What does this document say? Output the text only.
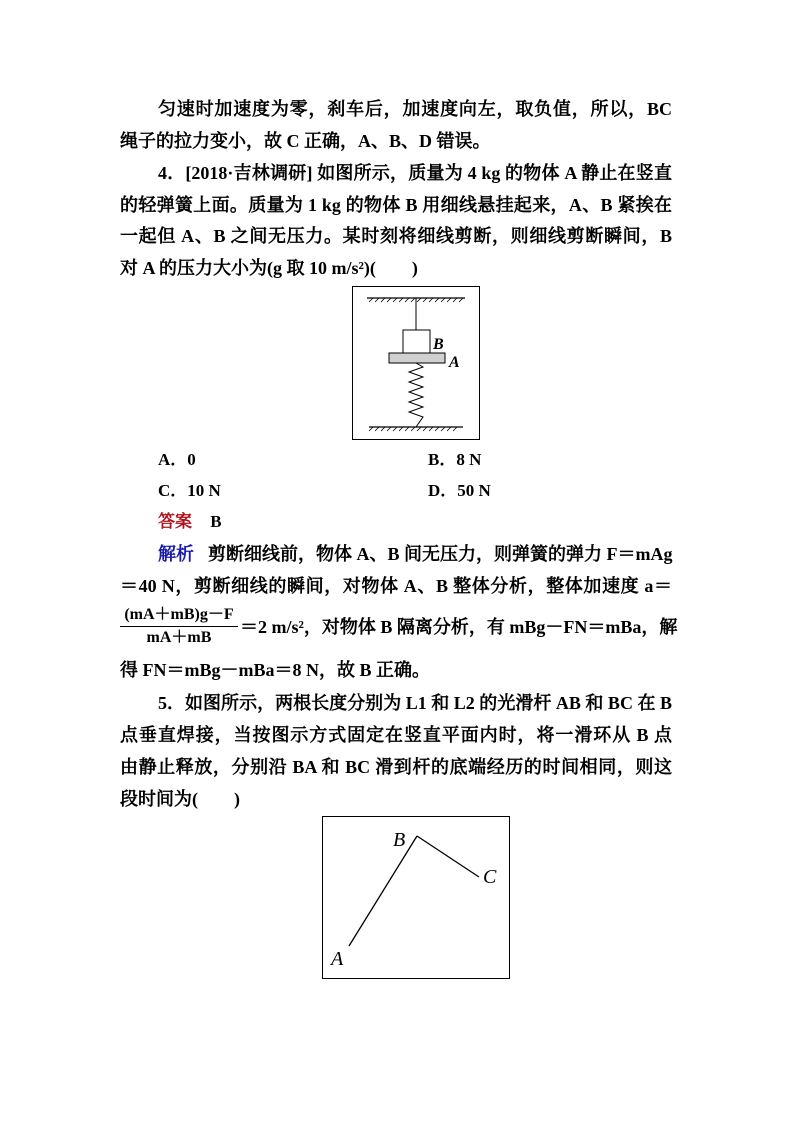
匀速时加速度为零，刹车后，加速度向左，取负值，所以，BC
绳子的拉力变小，故 C 正确，A、B、D 错误。
4．[2018·吉林调研] 如图所示，质量为 4 kg 的物体 A 静止在竖直
的轻弹簧上面。质量为 1 kg 的物体 B 用细线悬挂起来，A、B 紧挨在
一起但 A、B 之间无压力。某时刻将细线剪断，则细线剪断瞬间，B
对 A 的压力大小为(g 取 10 m/s²)(　　)
B
A
A．0	B．8 N
C．10 N	D．50 N
答案 B
解析 剪断细线前，物体 A、B 间无压力，则弹簧的弹力 F＝mAg
＝40 N，剪断细线的瞬间，对物体 A、B 整体分析，整体加速度 a＝
$\frac{(mA+mB)g-F}{mA+mB} =2$ m/s²，对物体 B 隔离分析，有 mBg－FN＝mBa，解
得 FN＝mBg－mBa＝8 N，故 B 正确。
5．如图所示，两根长度分别为 L1 和 L2 的光滑杆 AB 和 BC 在 B
点垂直焊接，当按图示方式固定在竖直平面内时，将一滑环从 B 点
由静止释放，分别沿 BA 和 BC 滑到杆的底端经历的时间相同，则这
段时间为(　　)
B
C
A
